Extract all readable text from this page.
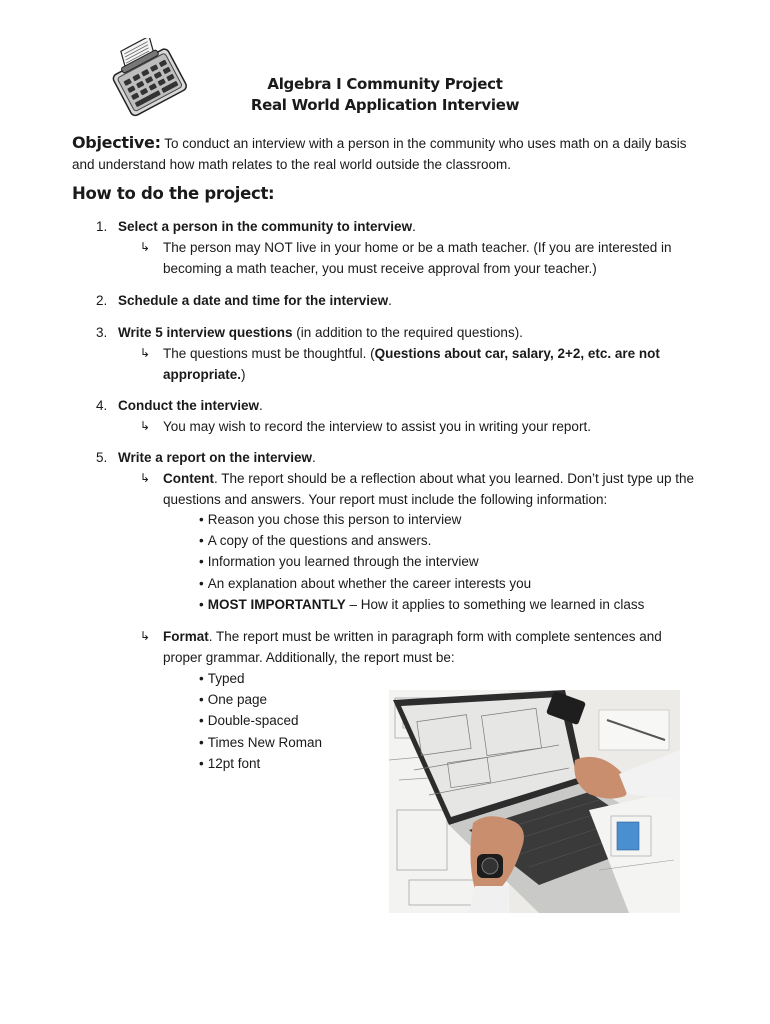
Algebra I Community Project
Real World Application Interview
Objective: To conduct an interview with a person in the community who uses math on a daily basis and understand how math relates to the real world outside the classroom.
How to do the project:
1. Select a person in the community to interview.
↳ The person may NOT live in your home or be a math teacher. (If you are interested in becoming a math teacher, you must receive approval from your teacher.)
2. Schedule a date and time for the interview.
3. Write 5 interview questions (in addition to the required questions).
↳ The questions must be thoughtful. (Questions about car, salary, 2+2, etc. are not appropriate.)
4. Conduct the interview.
↳ You may wish to record the interview to assist you in writing your report.
5. Write a report on the interview.
↳ Content. The report should be a reflection about what you learned. Don’t just type up the questions and answers. Your report must include the following information:
• Reason you chose this person to interview
• A copy of the questions and answers.
• Information you learned through the interview
• An explanation about whether the career interests you
• MOST IMPORTANTLY – How it applies to something we learned in class
↳ Format. The report must be written in paragraph form with complete sentences and proper grammar. Additionally, the report must be:
• Typed
• One page
• Double-spaced
• Times New Roman
• 12pt font
